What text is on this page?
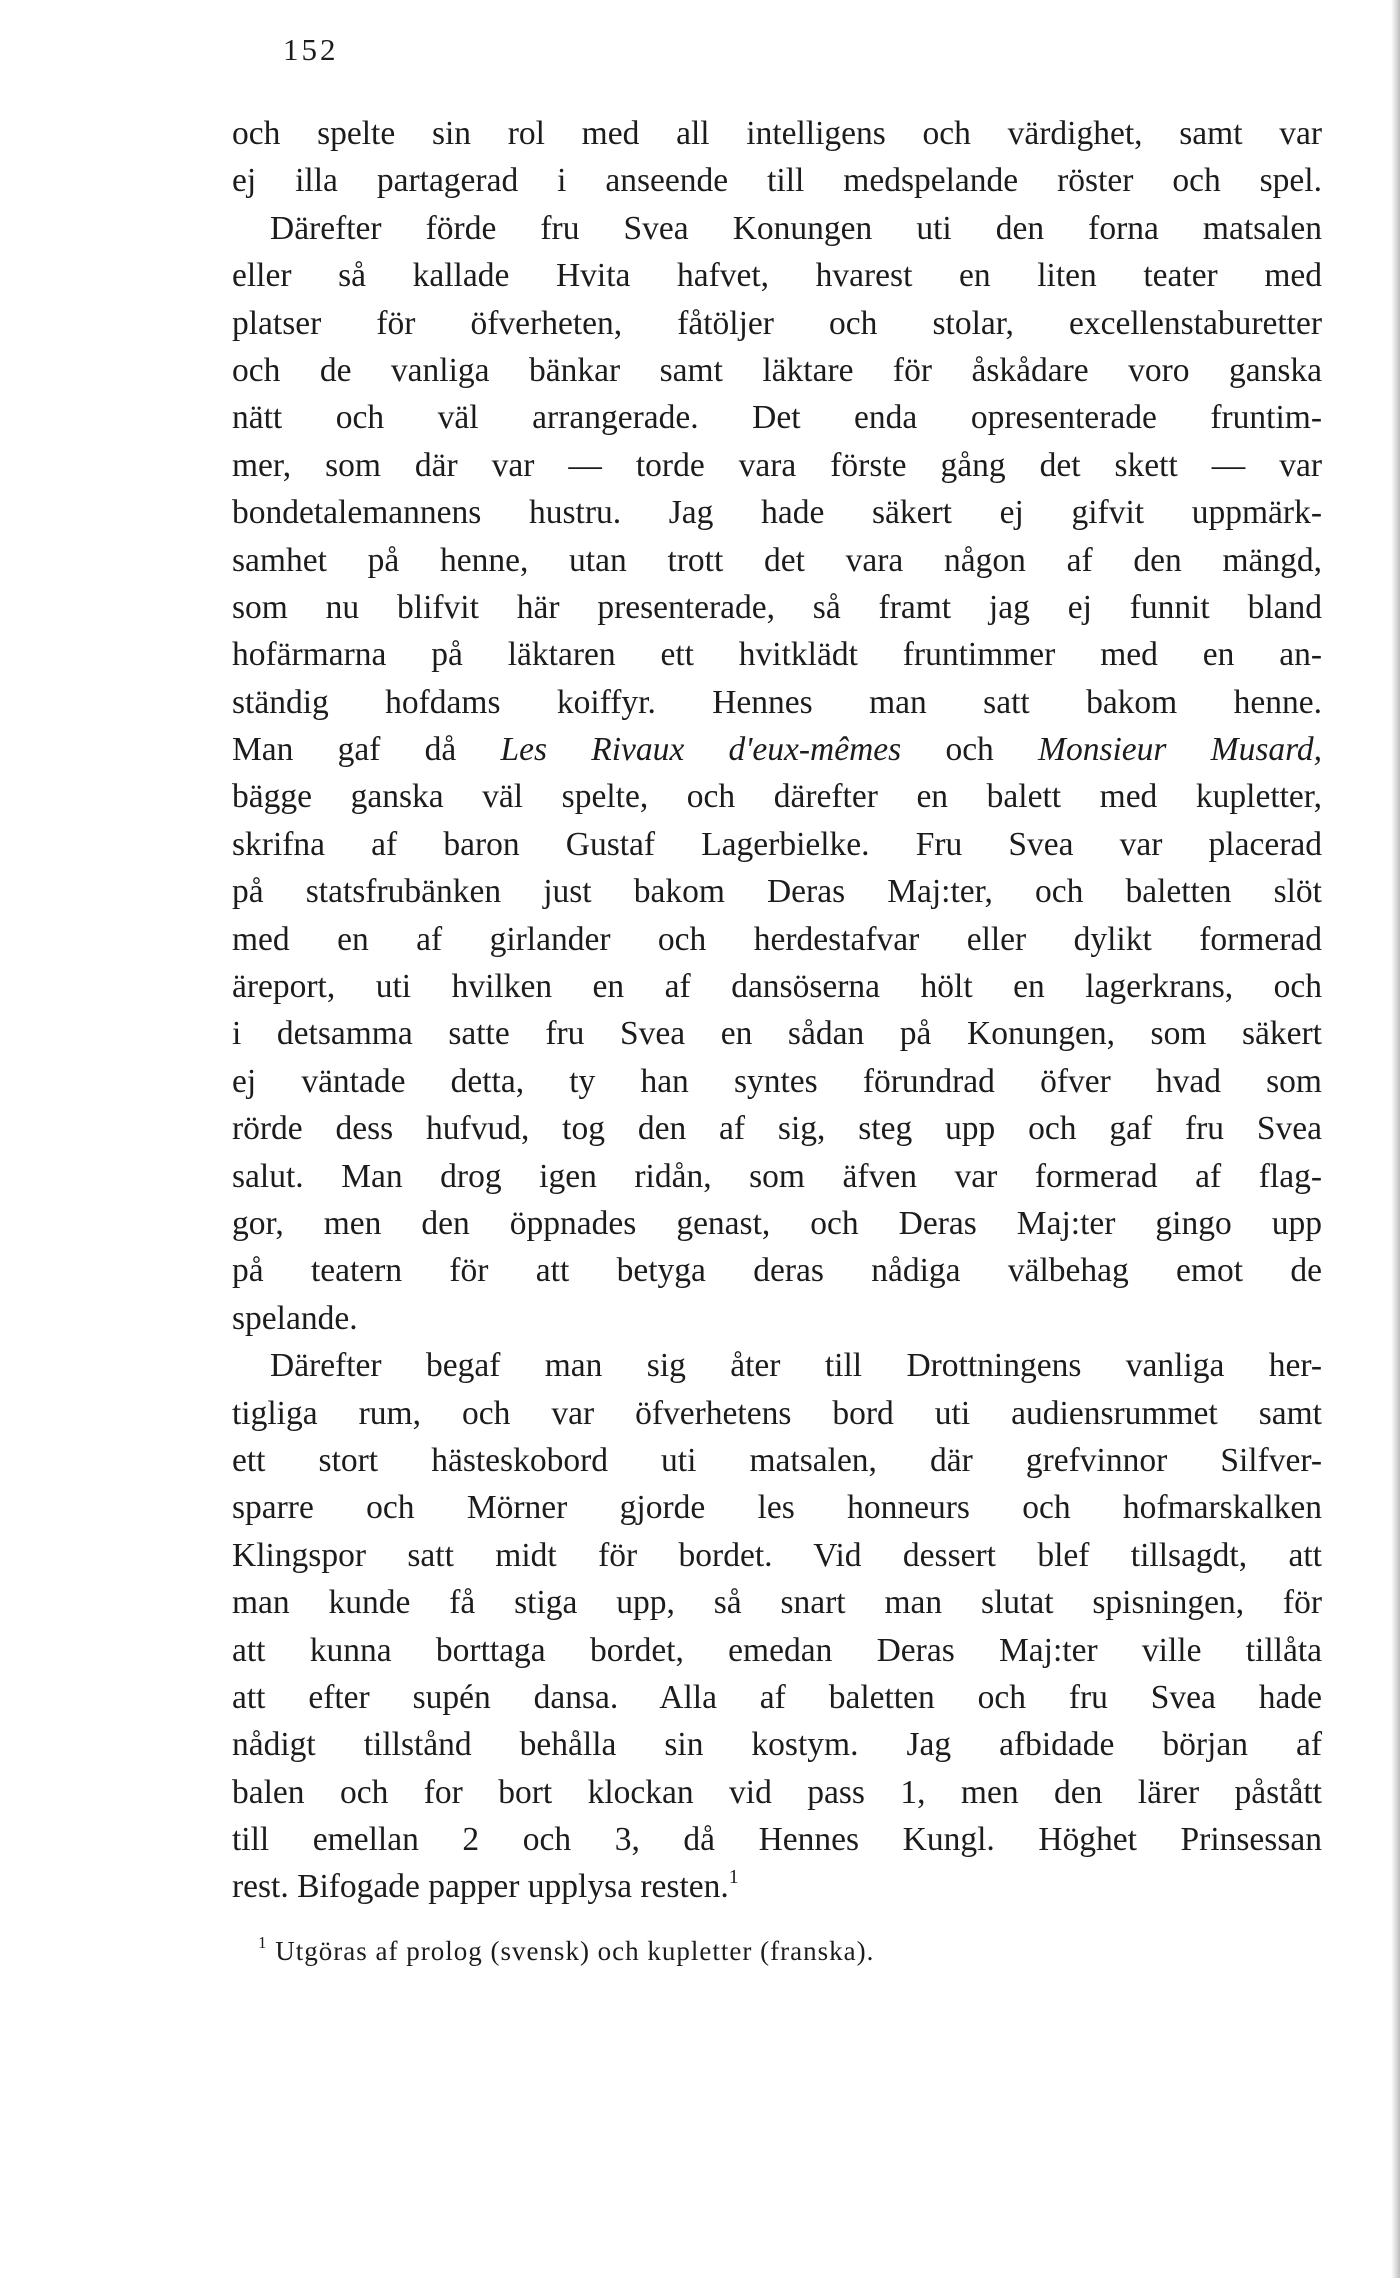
152
och spelte sin rol med all intelligens och värdighet, samt var
ej illa partagerad i anseende till medspelande röster och spel.
Därefter förde fru Svea Konungen uti den forna matsalen
eller så kallade Hvita hafvet, hvarest en liten teater med
platser för öfverheten, fåtöljer och stolar, excellenstaburetter
och de vanliga bänkar samt läktare för åskådare voro ganska
nätt och väl arrangerade. Det enda opresenterade fruntim-
mer, som där var — torde vara förste gång det skett — var
bondetalemannens hustru. Jag hade säkert ej gifvit uppmärk-
samhet på henne, utan trott det vara någon af den mängd,
som nu blifvit här presenterade, så framt jag ej funnit bland
hofärmarna på läktaren ett hvitklädt fruntimmer med en an-
ständig hofdams koiffyr. Hennes man satt bakom henne.
Man gaf då Les Rivaux d'eux-mêmes och Monsieur Musard,
bägge ganska väl spelte, och därefter en balett med kupletter,
skrifna af baron Gustaf Lagerbielke. Fru Svea var placerad
på statsfrubänken just bakom Deras Maj:ter, och baletten slöt
med en af girlander och herdestafvar eller dylikt formerad
äreport, uti hvilken en af dansöserna hölt en lagerkrans, och
i detsamma satte fru Svea en sådan på Konungen, som säkert
ej väntade detta, ty han syntes förundrad öfver hvad som
rörde dess hufvud, tog den af sig, steg upp och gaf fru Svea
salut. Man drog igen ridån, som äfven var formerad af flag-
gor, men den öppnades genast, och Deras Maj:ter gingo upp
på teatern för att betyga deras nådiga välbehag emot de
spelande.
Därefter begaf man sig åter till Drottningens vanliga her-
tigliga rum, och var öfverhetens bord uti audiensrummet samt
ett stort hästeskobord uti matsalen, där grefvinnor Silfver-
sparre och Mörner gjorde les honneurs och hofmarskalken
Klingspor satt midt för bordet. Vid dessert blef tillsagdt, att
man kunde få stiga upp, så snart man slutat spisningen, för
att kunna borttaga bordet, emedan Deras Maj:ter ville tillåta
att efter supén dansa. Alla af baletten och fru Svea hade
nådigt tillstånd behålla sin kostym. Jag afbidade början af
balen och for bort klockan vid pass 1, men den lärer påstått
till emellan 2 och 3, då Hennes Kungl. Höghet Prinsessan
rest. Bifogade papper upplysa resten.$^1$
$^1$ Utgöras af prolog (svensk) och kupletter (franska).
